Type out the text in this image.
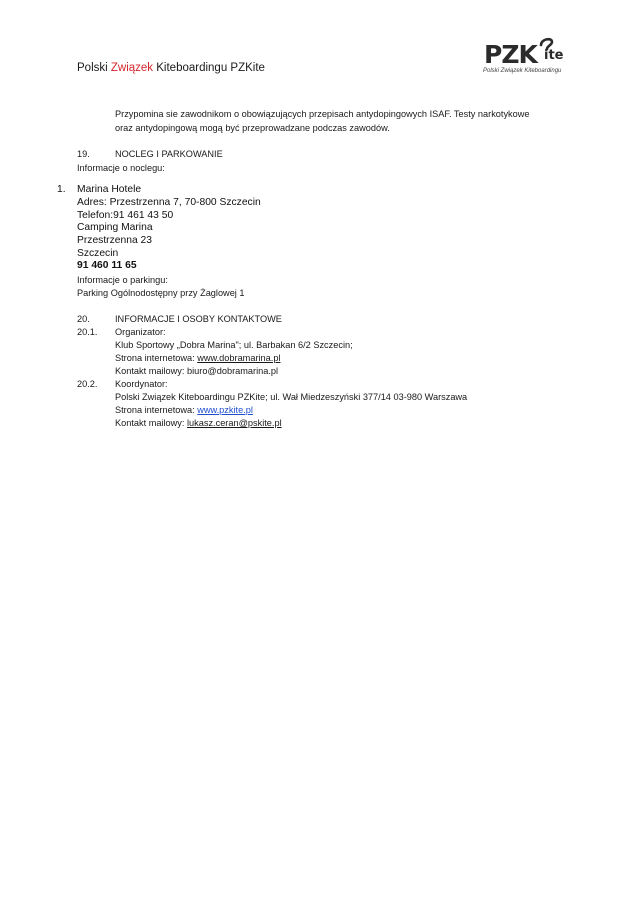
Polski Związek Kiteboardingu PZKite	PZK ite
Polski Związek Kiteboardingu
Przypomina sie zawodnikom o obowiązujących przepisach antydopingowych ISAF. Testy narkotykowe
oraz antydopingową mogą być przeprowadzane podczas zawodów.
19.	NOCLEG I PARKOWANIE
Informacje o noclegu:
1. Marina Hotele
Adres: Przestrzenna 7, 70-800 Szczecin
Telefon:91 461 43 50
Camping Marina
Przestrzenna 23
Szczecin
91 460 11 65
Informacje o parkingu:
Parking Ogólnodostępny przy Żaglowej 1
20.	INFORMACJE I OSOBY KONTAKTOWE
20.1. Organizator:
Klub Sportowy „Dobra Marina"; ul. Barbakan 6/2 Szczecin;
Strona internetowa: www.dobramarina.pl
Kontakt mailowy: biuro@dobramarina.pl
20.2. Koordynator:
Polski Związek Kiteboardingu PZKite; ul. Wał Miedzeszyński 377/14 03-980 Warszawa
Strona internetowa: www.pzkite.pl
Kontakt mailowy: lukasz.ceran@pskite.pl
